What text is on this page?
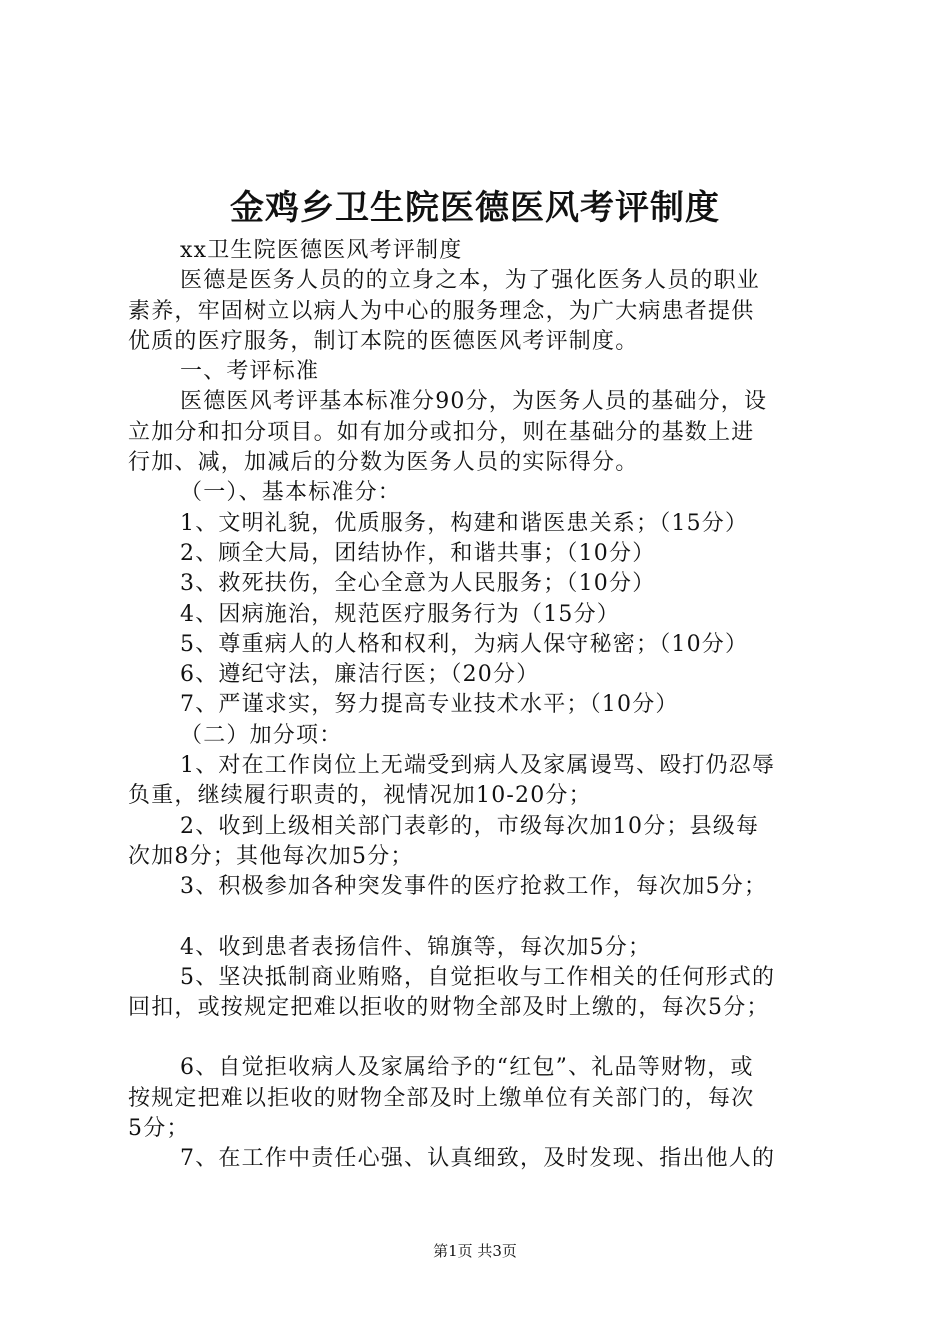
金鸡乡卫生院医德医风考评制度

xx卫生院医德医风考评制度

医德是医务人员的的立身之本，为了强化医务人员的职业

素养，牢固树立以病人为中心的服务理念，为广大病患者提供

优质的医疗服务，制订本院的医德医风考评制度。

一、考评标准

医德医风考评基本标准分90分，为医务人员的基础分，设

立加分和扣分项目。如有加分或扣分，则在基础分的基数上进

行加、减，加减后的分数为医务人员的实际得分。

（一）、基本标准分：

1、文明礼貌，优质服务，构建和谐医患关系；（15分）

2、顾全大局，团结协作，和谐共事；（10分）

3、救死扶伤，全心全意为人民服务；（10分）

4、因病施治，规范医疗服务行为（15分）

5、尊重病人的人格和权利，为病人保守秘密；（10分）

6、遵纪守法，廉洁行医；（20分）

7、严谨求实，努力提高专业技术水平；（10分）

（二）加分项：

1、对在工作岗位上无端受到病人及家属谩骂、殴打仍忍辱

负重，继续履行职责的，视情况加10-20分；

2、收到上级相关部门表彰的，市级每次加10分；县级每

次加8分；其他每次加5分；

3、积极参加各种突发事件的医疗抢救工作，每次加5分；

4、收到患者表扬信件、锦旗等，每次加5分；

5、坚决抵制商业贿赂，自觉拒收与工作相关的任何形式的

回扣，或按规定把难以拒收的财物全部及时上缴的，每次5分；

6、自觉拒收病人及家属给予的“红包”、礼品等财物，或

按规定把难以拒收的财物全部及时上缴单位有关部门的，每次

5分；

7、在工作中责任心强、认真细致，及时发现、指出他人的

第1页 共3页
